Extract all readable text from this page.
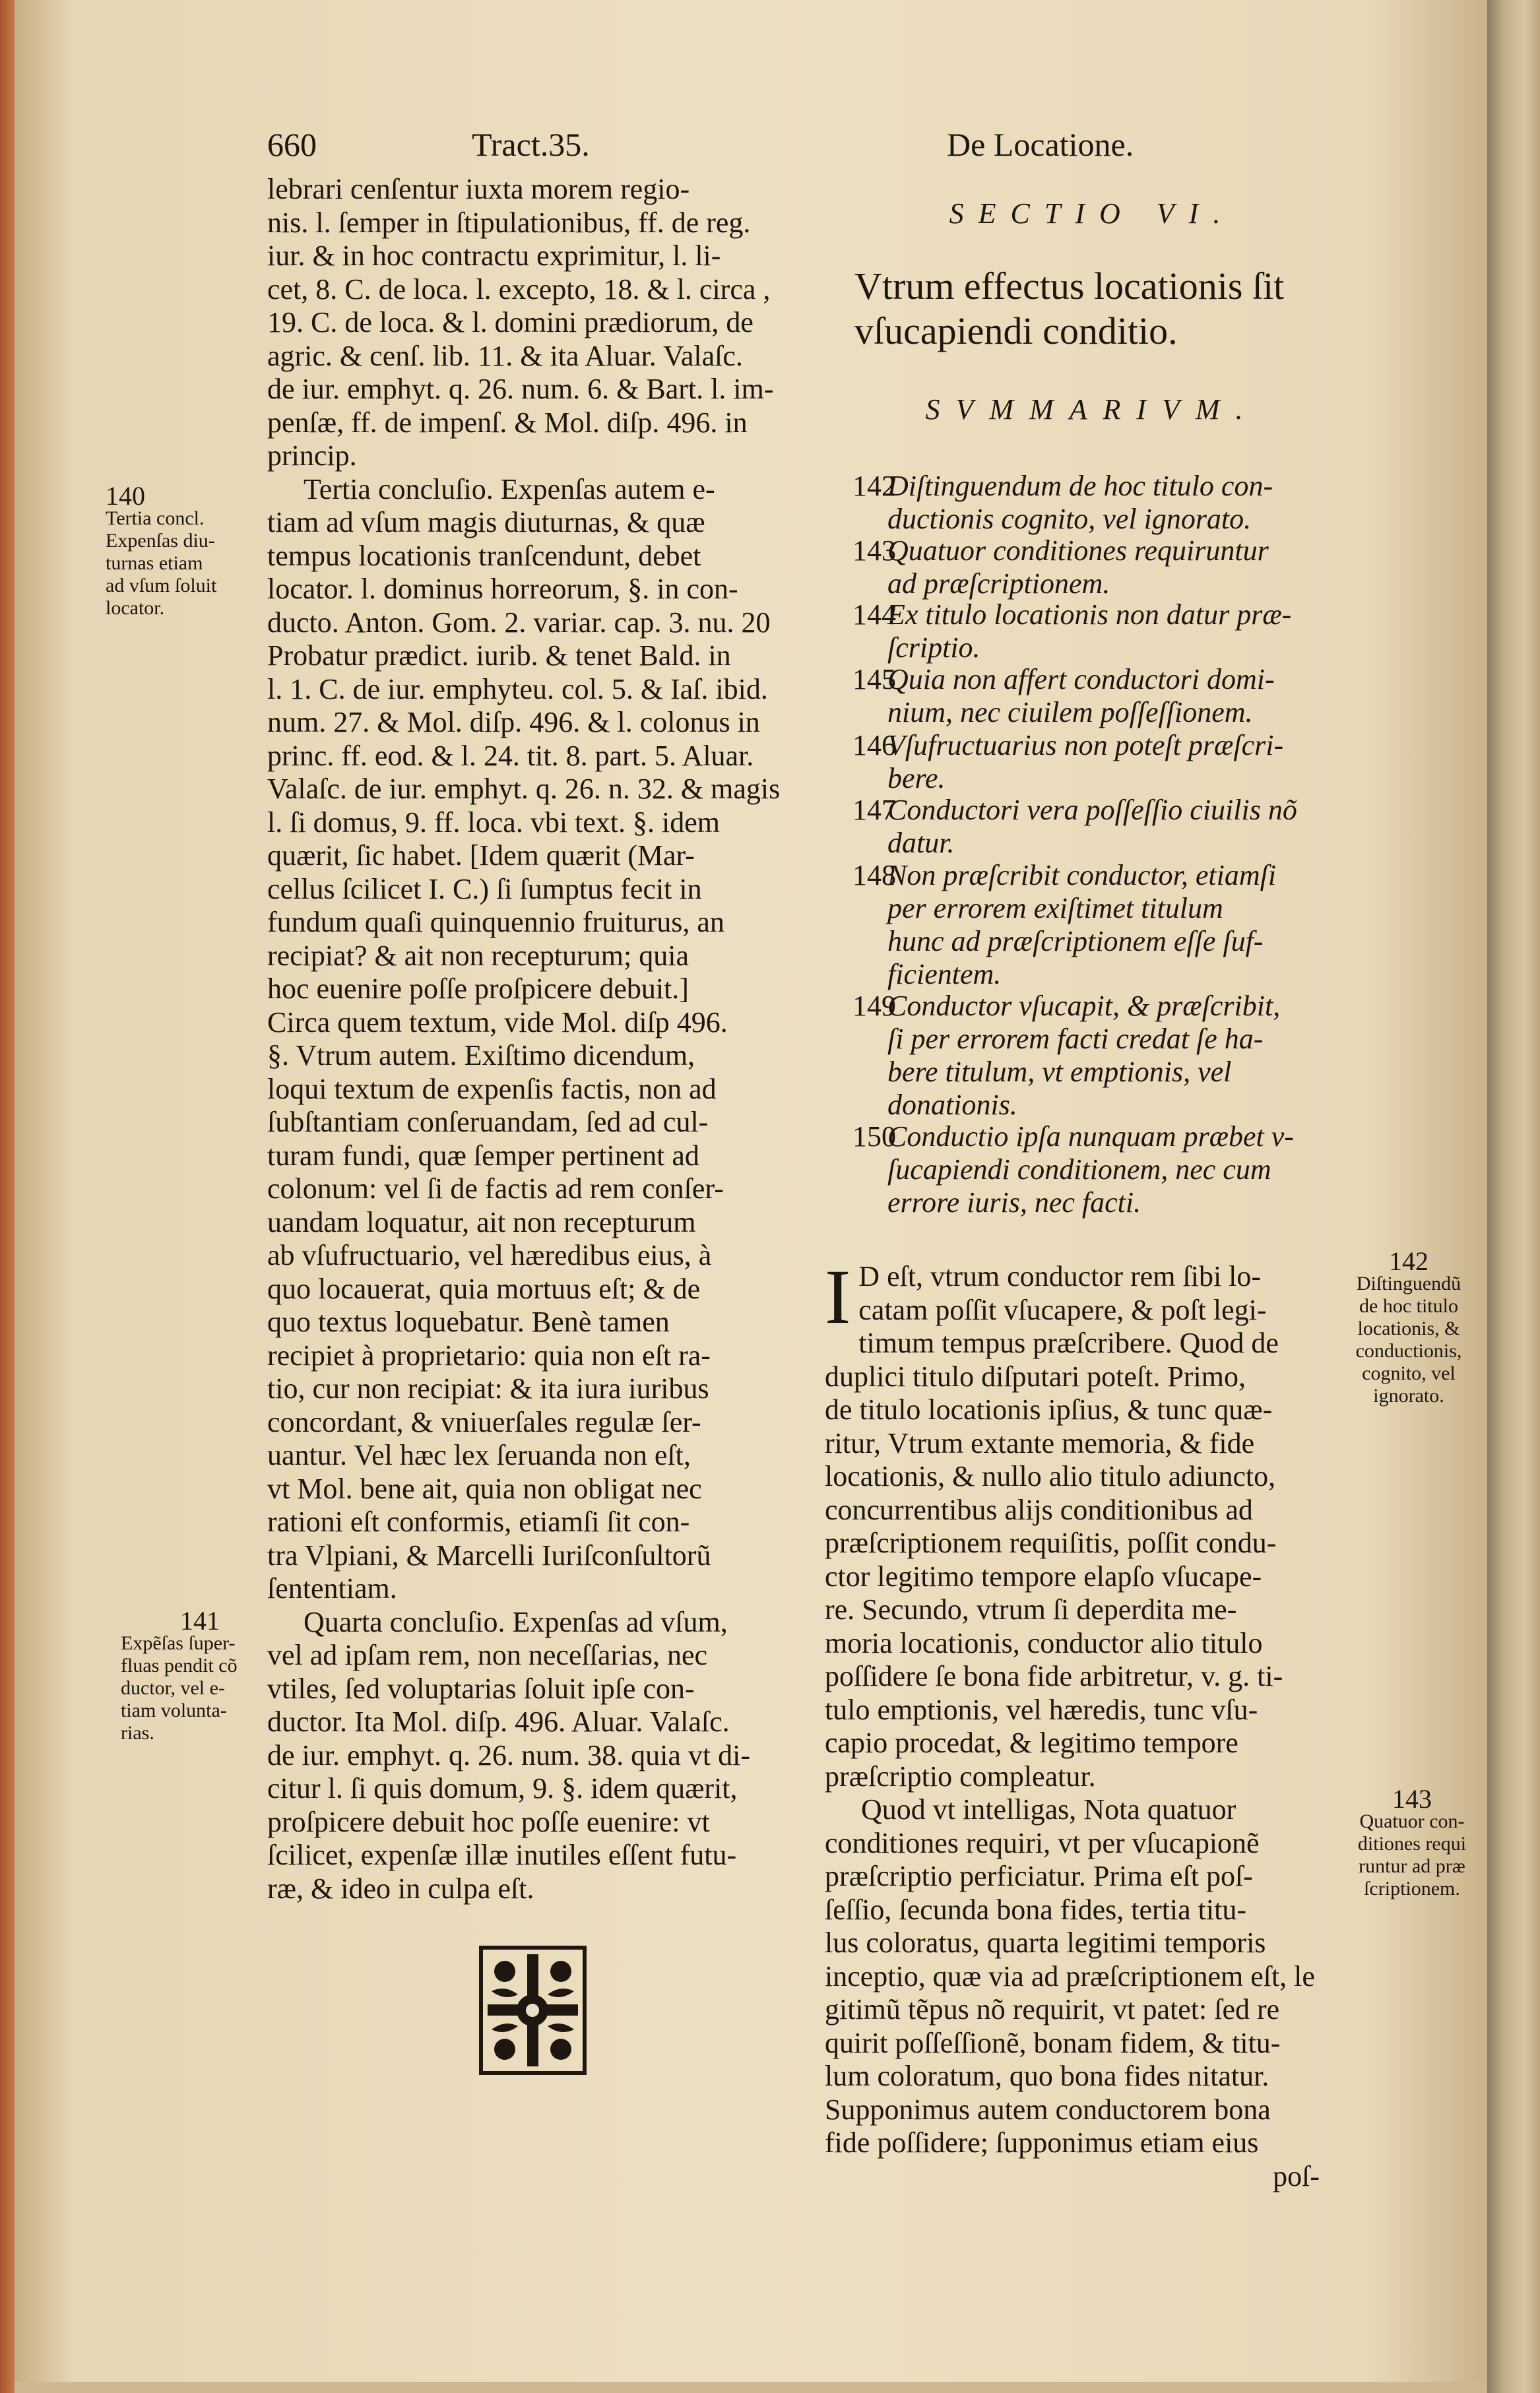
660	Tract.35.	De Locatione.
lebrari cenſentur iuxta morem regio-
nis. l. ſemper in ſtipulationibus, ff. de reg.
iur. & in hoc contractu exprimitur, l. li-
cet, 8. C. de loca. l. excepto, 18. & l. circa ,
19. C. de loca. & l. domini prædiorum, de
agric. & cenſ. lib. 11. & ita Aluar. Valaſc.
de iur. emphyt. q. 26. num. 6. & Bart. l. im-
penſæ, ff. de impenſ. & Mol. diſp. 496. in
princip.
Tertia concluſio. Expenſas autem e-
tiam ad vſum magis diuturnas, & quæ
tempus locationis tranſcendunt, debet
locator. l. dominus horreorum, §. in con-
ducto. Anton. Gom. 2. variar. cap. 3. nu. 20
Probatur prædict. iurib. & tenet Bald. in
l. 1. C. de iur. emphyteu. col. 5. & Iaſ. ibid.
num. 27. & Mol. diſp. 496. & l. colonus in
princ. ff. eod. & l. 24. tit. 8. part. 5. Aluar.
Valaſc. de iur. emphyt. q. 26. n. 32. & magis
l. ſi domus, 9. ff. loca. vbi text. §. idem
quærit, ſic habet. [Idem quærit (Mar-
cellus ſcilicet I. C.) ſi ſumptus fecit in
fundum quaſi quinquennio fruiturus, an
recipiat? & ait non recepturum; quia
hoc euenire poſſe proſpicere debuit.]
Circa quem textum, vide Mol. diſp 496.
§. Vtrum autem. Exiſtimo dicendum,
loqui textum de expenſis factis, non ad
ſubſtantiam conſeruandam, ſed ad cul-
turam fundi, quæ ſemper pertinent ad
colonum: vel ſi de factis ad rem conſer-
uandam loquatur, ait non recepturum
ab vſufructuario, vel hæredibus eius, à
quo locauerat, quia mortuus eſt; & de
quo textus loquebatur. Benè tamen
recipiet à proprietario: quia non eſt ra-
tio, cur non recipiat: & ita iura iuribus
concordant, & vniuerſales regulæ ſer-
uantur. Vel hæc lex ſeruanda non eſt,
vt Mol. bene ait, quia non obligat nec
rationi eſt conformis, etiamſi ſit con-
tra Vlpiani, & Marcelli Iuriſconſultorũ
ſententiam.
Quarta concluſio. Expenſas ad vſum,
vel ad ipſam rem, non neceſſarias, nec
vtiles, ſed voluptarias ſoluit ipſe con-
ductor. Ita Mol. diſp. 496. Aluar. Valaſc.
de iur. emphyt. q. 26. num. 38. quia vt di-
citur l. ſi quis domum, 9. §. idem quærit,
proſpicere debuit hoc poſſe euenire: vt
ſcilicet, expenſæ illæ inutiles eſſent futu-
ræ, & ideo in culpa eſt.
140
Tertia concl.
Expenſas diu-
turnas etiam
ad vſum ſoluit
locator.
141
Expẽſas ſuper-
fluas pendit cõ
ductor, vel e-
tiam volunta-
rias.
SECTIO VI.
Vtrum effectus locationis ſit
vſucapiendi conditio.
SVMMARIVM.
142
Diſtinguendum de hoc titulo con-
ductionis cognito, vel ignorato.
143
Quatuor conditiones requiruntur
ad præſcriptionem.
144
Ex titulo locationis non datur præ-
ſcriptio.
145
Quia non affert conductori domi-
nium, nec ciuilem poſſeſſionem.
146
Vſufructuarius non poteſt præſcri-
bere.
147
Conductori vera poſſeſſio ciuilis nõ
datur.
148
Non præſcribit conductor, etiamſi
per errorem exiſtimet titulum
hunc ad præſcriptionem eſſe ſuf-
ficientem.
149
Conductor vſucapit, & præſcribit,
ſi per errorem facti credat ſe ha-
bere titulum, vt emptionis, vel
donationis.
150
Conductio ipſa nunquam præbet v-
ſucapiendi conditionem, nec cum
errore iuris, nec facti.
I D eſt, vtrum conductor rem ſibi lo-
catam poſſit vſucapere, & poſt legi-
timum tempus præſcribere. Quod de
duplici titulo diſputari poteſt. Primo,
de titulo locationis ipſius, & tunc quæ-
ritur, Vtrum extante memoria, & fide
locationis, & nullo alio titulo adiuncto,
concurrentibus alijs conditionibus ad
præſcriptionem requiſitis, poſſit condu-
ctor legitimo tempore elapſo vſucape-
re. Secundo, vtrum ſi deperdita me-
moria locationis, conductor alio titulo
poſſidere ſe bona fide arbitretur, v. g. ti-
tulo emptionis, vel hæredis, tunc vſu-
capio procedat, & legitimo tempore
præſcriptio compleatur.
Quod vt intelligas, Nota quatuor
conditiones requiri, vt per vſucapionẽ
præſcriptio perficiatur. Prima eſt poſ-
ſeſſio, ſecunda bona fides, tertia titu-
lus coloratus, quarta legitimi temporis
inceptio, quæ via ad præſcriptionem eſt, le
gitimũ tẽpus nõ requirit, vt patet: ſed re
quirit poſſeſſionẽ, bonam fidem, & titu-
lum coloratum, quo bona fides nitatur.
Supponimus autem conductorem bona
fide poſſidere; ſupponimus etiam eius
poſ-
142
Diſtinguendũ
de hoc titulo
locationis, &
conductionis,
cognito, vel
ignorato.
143
Quatuor con-
ditiones requi
runtur ad præ
ſcriptionem.
